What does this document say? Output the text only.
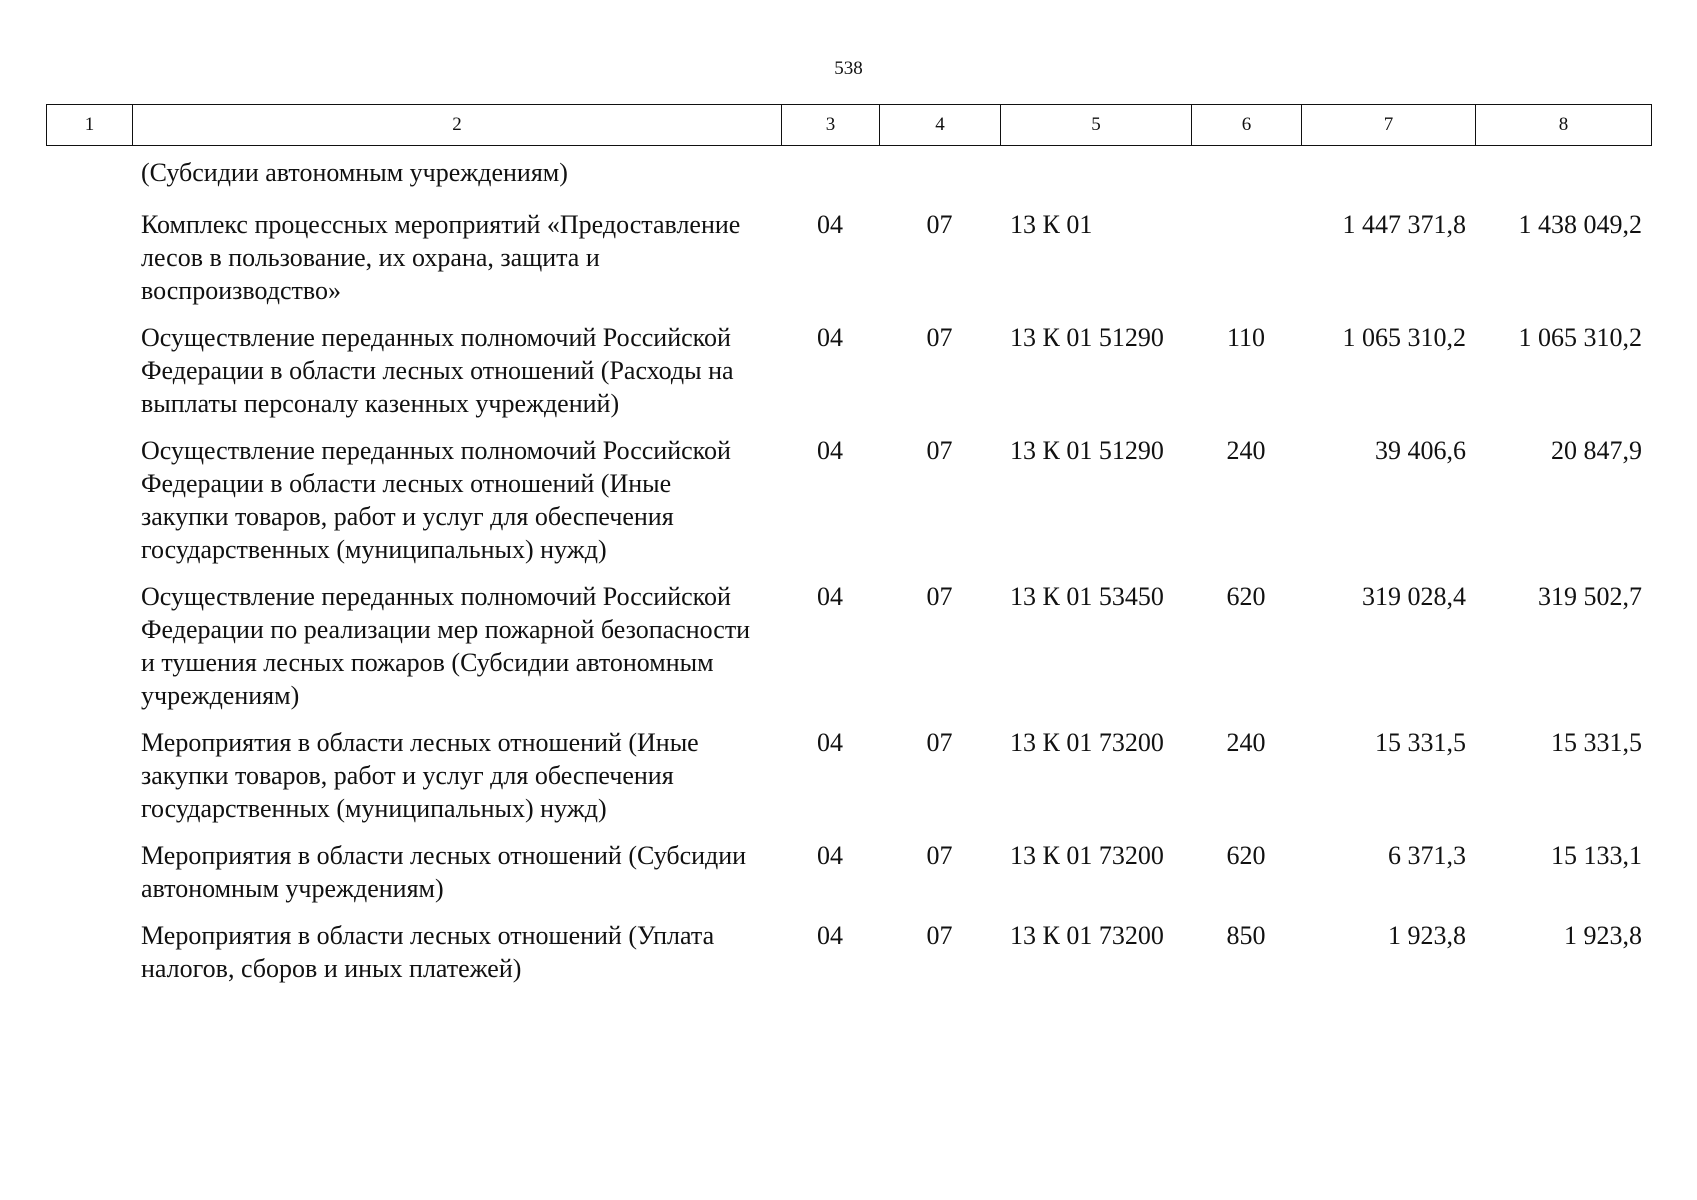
538
1	2	3	4	5	6	7	8
	(Субсидии автономным учреждениям)						
	Комплекс процессных мероприятий «Предоставление лесов в пользование, их охрана, защита и воспроизводство»	04	07	13 К 01		1 447 371,8	1 438 049,2
	Осуществление переданных полномочий Российской Федерации в области лесных отношений (Расходы на выплаты персоналу казенных учреждений)	04	07	13 К 01 51290	110	1 065 310,2	1 065 310,2
	Осуществление переданных полномочий Российской Федерации в области лесных отношений (Иные закупки товаров, работ и услуг для обеспечения государственных (муниципальных) нужд)	04	07	13 К 01 51290	240	39 406,6	20 847,9
	Осуществление переданных полномочий Российской Федерации по реализации мер пожарной безопасности и тушения лесных пожаров (Субсидии автономным учреждениям)	04	07	13 К 01 53450	620	319 028,4	319 502,7
	Мероприятия в области лесных отношений (Иные закупки товаров, работ и услуг для обеспечения государственных (муниципальных) нужд)	04	07	13 К 01 73200	240	15 331,5	15 331,5
	Мероприятия в области лесных отношений (Субсидии автономным учреждениям)	04	07	13 К 01 73200	620	6 371,3	15 133,1
	Мероприятия в области лесных отношений (Уплата налогов, сборов и иных платежей)	04	07	13 К 01 73200	850	1 923,8	1 923,8
